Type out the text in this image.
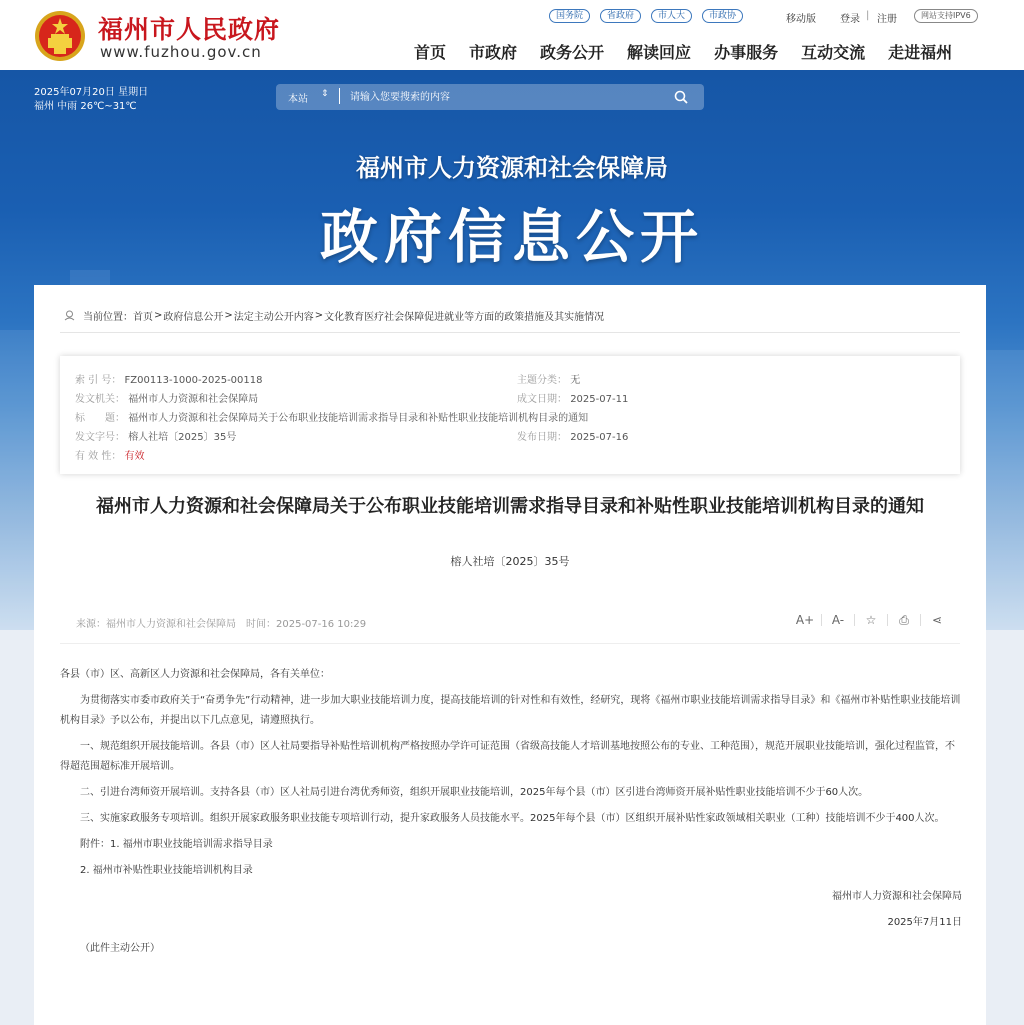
福州市人民政府
www.fuzhou.gov.cn
国务院	省政府	市人大	市政协	移动版 登录 | 注册	网站支持IPV6
首页 市政府 政务公开 解读回应 办事服务 互动交流 走进福州
2025年07月20日 星期日
福州 中雨 26℃~31℃
本站 ⇕
请输入您要搜索的内容
福州市人力资源和社会保障局
政府信息公开
当前位置： 首页 > 政府信息公开 > 法定主动公开内容 > 文化教育医疗社会保障促进就业等方面的政策措施及其实施情况
索 引 号： FZ00113-1000-2025-00118	主题分类： 无
发文机关： 福州市人力资源和社会保障局	成文日期： 2025-07-11
标　　题： 福州市人力资源和社会保障局关于公布职业技能培训需求指导目录和补贴性职业技能培训机构目录的通知
发文字号： 榕人社培〔2025〕35号	发布日期： 2025-07-16
有 效 性： 有效
福州市人力资源和社会保障局关于公布职业技能培训需求指导目录和补贴性职业技能培训机构目录的通知
榕人社培〔2025〕35号
来源：福州市人力资源和社会保障局　时间：2025-07-16 10:29	A+ A-	☆	⎙	⋖

各县（市）区、高新区人力资源和社会保障局，各有关单位：

为贯彻落实市委市政府关于“奋勇争先”行动精神，进一步加大职业技能培训力度，提高技能培训的针对性和有效性，经研究，现将《福州市职业技能培训需求指导目录》和《福州市补贴性职业技能培训机构目录》予以公布，并提出以下几点意见，请遵照执行。

一、规范组织开展技能培训。各县（市）区人社局要指导补贴性培训机构严格按照办学许可证范围（省级高技能人才培训基地按照公布的专业、工种范围），规范开展职业技能培训，强化过程监管，不得超范围超标准开展培训。

二、引进台湾师资开展培训。支持各县（市）区人社局引进台湾优秀师资，组织开展职业技能培训，2025年每个县（市）区引进台湾师资开展补贴性职业技能培训不少于60人次。

三、实施家政服务专项培训。组织开展家政服务职业技能专项培训行动，提升家政服务人员技能水平。2025年每个县（市）区组织开展补贴性家政领域相关职业（工种）技能培训不少于400人次。

附件：1. 福州市职业技能培训需求指导目录

2. 福州市补贴性职业技能培训机构目录

福州市人力资源和社会保障局

2025年7月11日

（此件主动公开）
